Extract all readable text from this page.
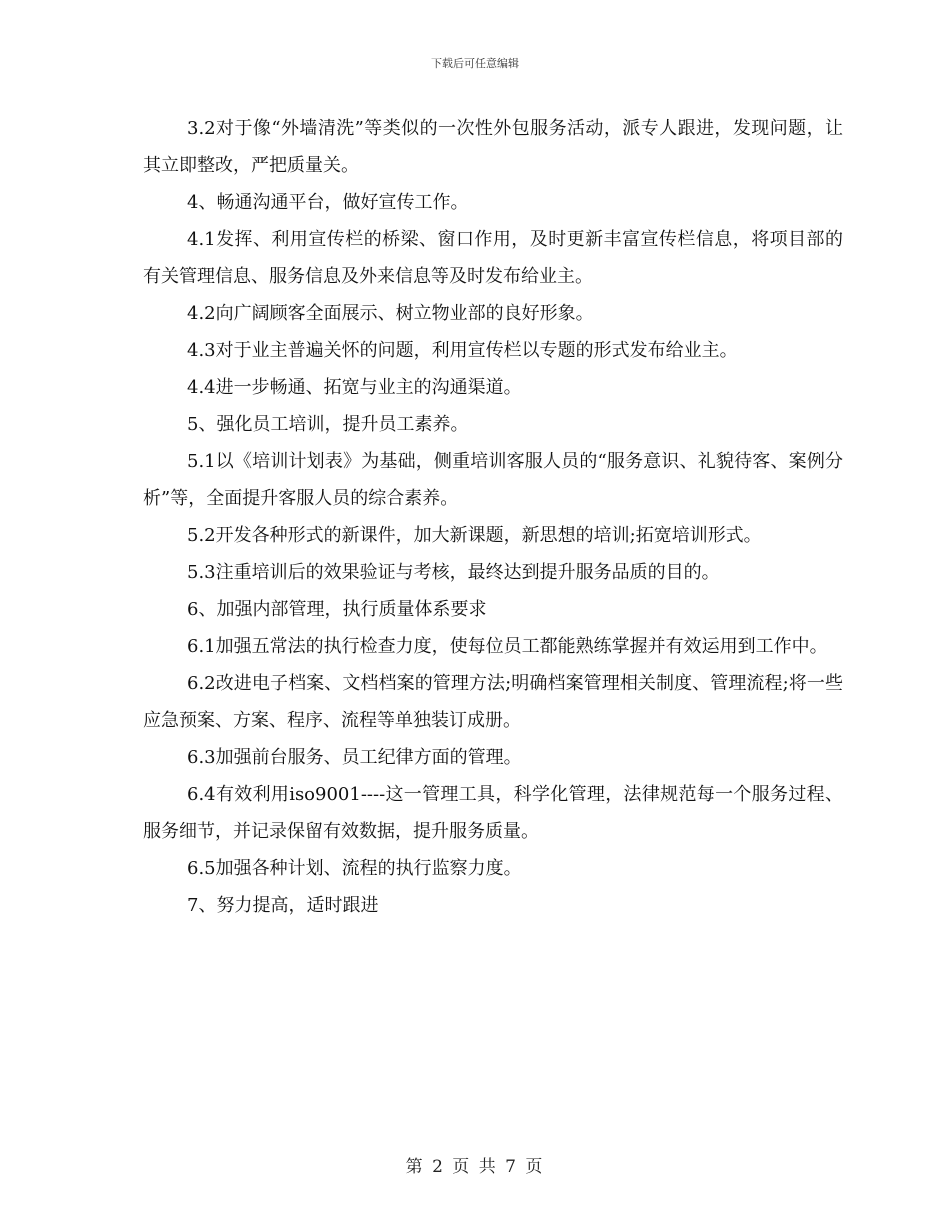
下载后可任意编辑

3.2对于像“外墙清洗”等类似的一次性外包服务活动，派专人跟进，发现问题，让其立即整改，严把质量关。

4、畅通沟通平台，做好宣传工作。

4.1发挥、利用宣传栏的桥梁、窗口作用，及时更新丰富宣传栏信息，将项目部的有关管理信息、服务信息及外来信息等及时发布给业主。

4.2向广阔顾客全面展示、树立物业部的良好形象。

4.3对于业主普遍关怀的问题，利用宣传栏以专题的形式发布给业主。

4.4进一步畅通、拓宽与业主的沟通渠道。

5、强化员工培训，提升员工素养。

5.1以《培训计划表》为基础，侧重培训客服人员的“服务意识、礼貌待客、案例分析”等，全面提升客服人员的综合素养。

5.2开发各种形式的新课件，加大新课题，新思想的培训;拓宽培训形式。

5.3注重培训后的效果验证与考核，最终达到提升服务品质的目的。

6、加强内部管理，执行质量体系要求

6.1加强五常法的执行检查力度，使每位员工都能熟练掌握并有效运用到工作中。

6.2改进电子档案、文档档案的管理方法;明确档案管理相关制度、管理流程;将一些应急预案、方案、程序、流程等单独装订成册。

6.3加强前台服务、员工纪律方面的管理。

6.4有效利用iso9001----这一管理工具，科学化管理，法律规范每一个服务过程、服务细节，并记录保留有效数据，提升服务质量。

6.5加强各种计划、流程的执行监察力度。

7、努力提高，适时跟进

第 2 页 共 7 页
